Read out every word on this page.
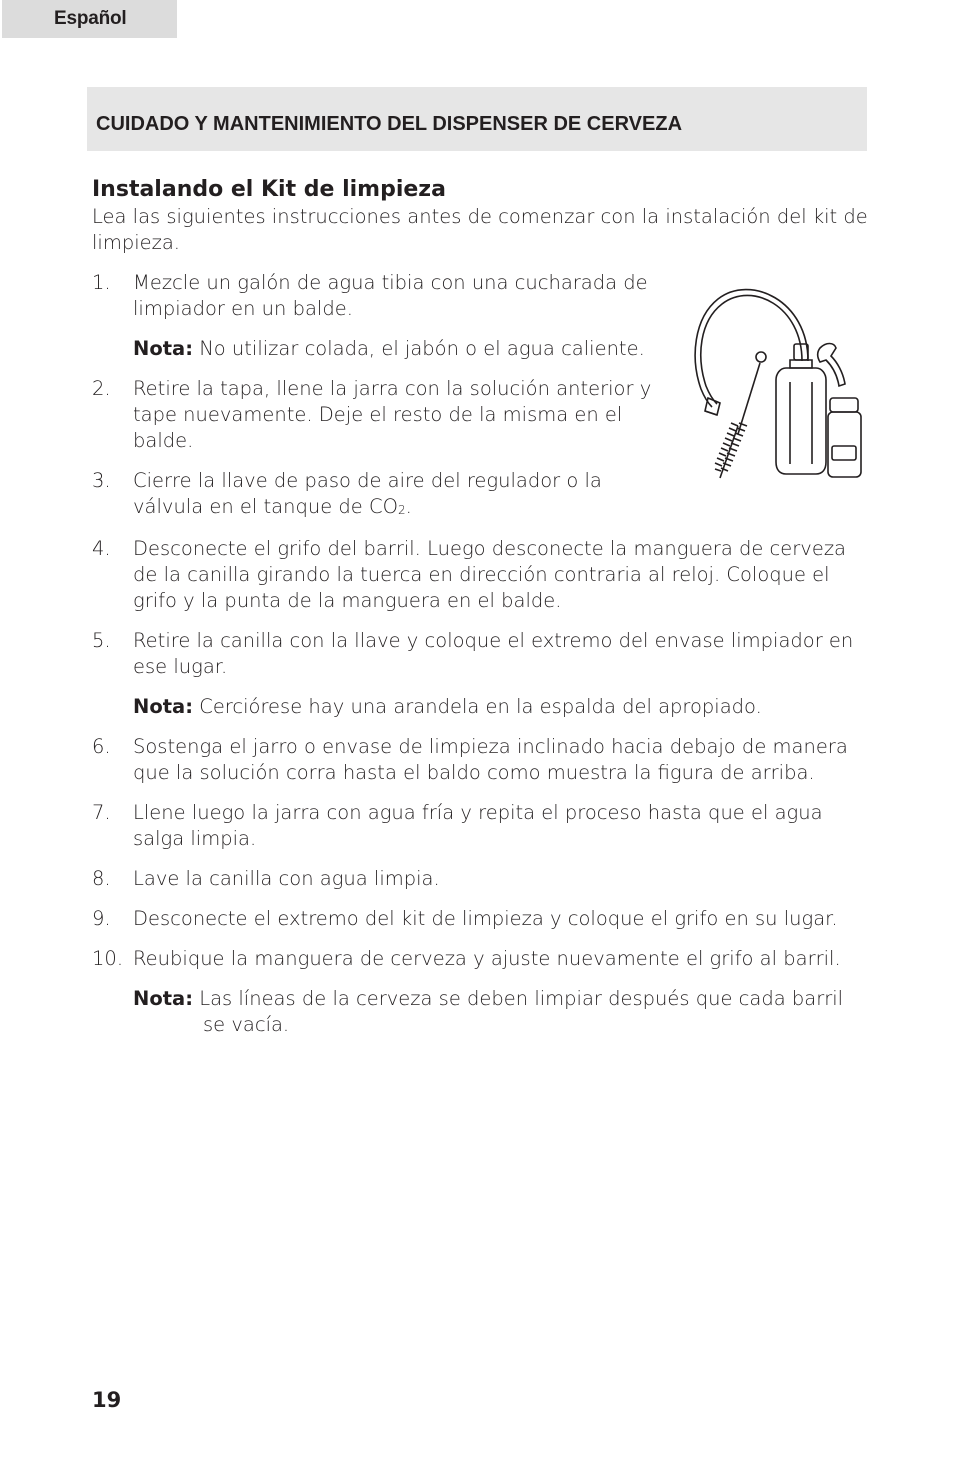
Español
CUIDADO Y MANTENIMIENTO DEL DISPENSER DE CERVEZA

Instalando el Kit de limpieza

Lea las siguientes instrucciones antes de comenzar con la instalación del kit de limpieza.

1. Mezcle un galón de agua tibia con una cucharada de limpiador en un balde.

Nota: No utilizar colada, el jabón o el agua caliente.

2. Retire la tapa, llene la jarra con la solución anterior y tape nuevamente. Deje el resto de la misma en el balde.
3. Cierre la llave de paso de aire del regulador o la válvula en el tanque de $CO_2$.
4. Desconecte el grifo del barril. Luego desconecte la manguera de cerveza de la canilla girando la tuerca en dirección contraria al reloj. Coloque el grifo y la punta de la manguera en el balde.
5. Retire la canilla con la llave y coloque el extremo del envase limpiador en ese lugar.

Nota: Cerciórese hay una arandela en la espalda del apropiado.

6. Sostenga el jarro o envase de limpieza inclinado hacia debajo de manera que la solución corra hasta el baldo como muestra la figura de arriba.
7. Llene luego la jarra con agua fría y repita el proceso hasta que el agua salga limpia.
8. Lave la canilla con agua limpia.
9. Desconecte el extremo del kit de limpieza y coloque el grifo en su lugar.
10. Reubique la manguera de cerveza y ajuste nuevamente el grifo al barril.

Nota: Las líneas de la cerveza se deben limpiar después que cada barril se vacía.

19
